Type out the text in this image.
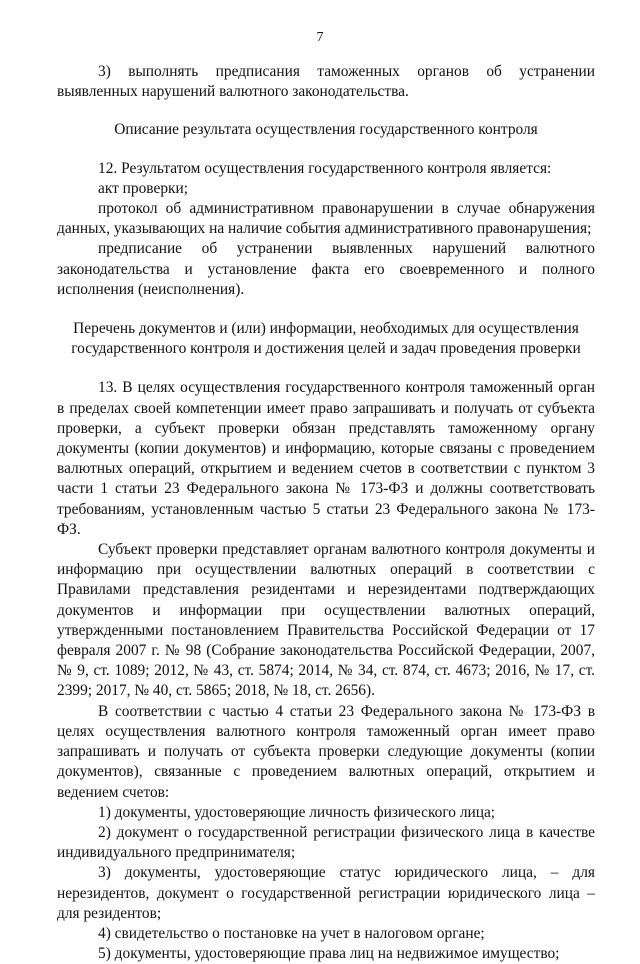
7

3) выполнять предписания таможенных органов об устранении выявленных нарушений валютного законодательства.

Описание результата осуществления государственного контроля

12. Результатом осуществления государственного контроля является:

акт проверки;

протокол об административном правонарушении в случае обнаружения данных, указывающих на наличие события административного правонарушения;

предписание об устранении выявленных нарушений валютного законодательства и установление факта его своевременного и полного исполнения (неисполнения).

Перечень документов и (или) информации, необходимых для осуществления государственного контроля и достижения целей и задач проведения проверки

13. В целях осуществления государственного контроля таможенный орган в пределах своей компетенции имеет право запрашивать и получать от субъекта проверки, а субъект проверки обязан представлять таможенному органу документы (копии документов) и информацию, которые связаны с проведением валютных операций, открытием и ведением счетов в соответствии с пунктом 3 части 1 статьи 23 Федерального закона № 173-ФЗ и должны соответствовать требованиям, установленным частью 5 статьи 23 Федерального закона № 173-ФЗ.

Субъект проверки представляет органам валютного контроля документы и информацию при осуществлении валютных операций в соответствии с Правилами представления резидентами и нерезидентами подтверждающих документов и информации при осуществлении валютных операций, утвержденными постановлением Правительства Российской Федерации от 17 февраля 2007 г. № 98 (Собрание законодательства Российской Федерации, 2007, № 9, ст. 1089; 2012, № 43, ст. 5874; 2014, № 34, ст. 874, ст. 4673; 2016, № 17, ст. 2399; 2017, № 40, ст. 5865; 2018, № 18, ст. 2656).

В соответствии с частью 4 статьи 23 Федерального закона № 173-ФЗ в целях осуществления валютного контроля таможенный орган имеет право запрашивать и получать от субъекта проверки следующие документы (копии документов), связанные с проведением валютных операций, открытием и ведением счетов:

1) документы, удостоверяющие личность физического лица;

2) документ о государственной регистрации физического лица в качестве индивидуального предпринимателя;

3) документы, удостоверяющие статус юридического лица, – для нерезидентов, документ о государственной регистрации юридического лица – для резидентов;

4) свидетельство о постановке на учет в налоговом органе;

5) документы, удостоверяющие права лиц на недвижимое имущество;
